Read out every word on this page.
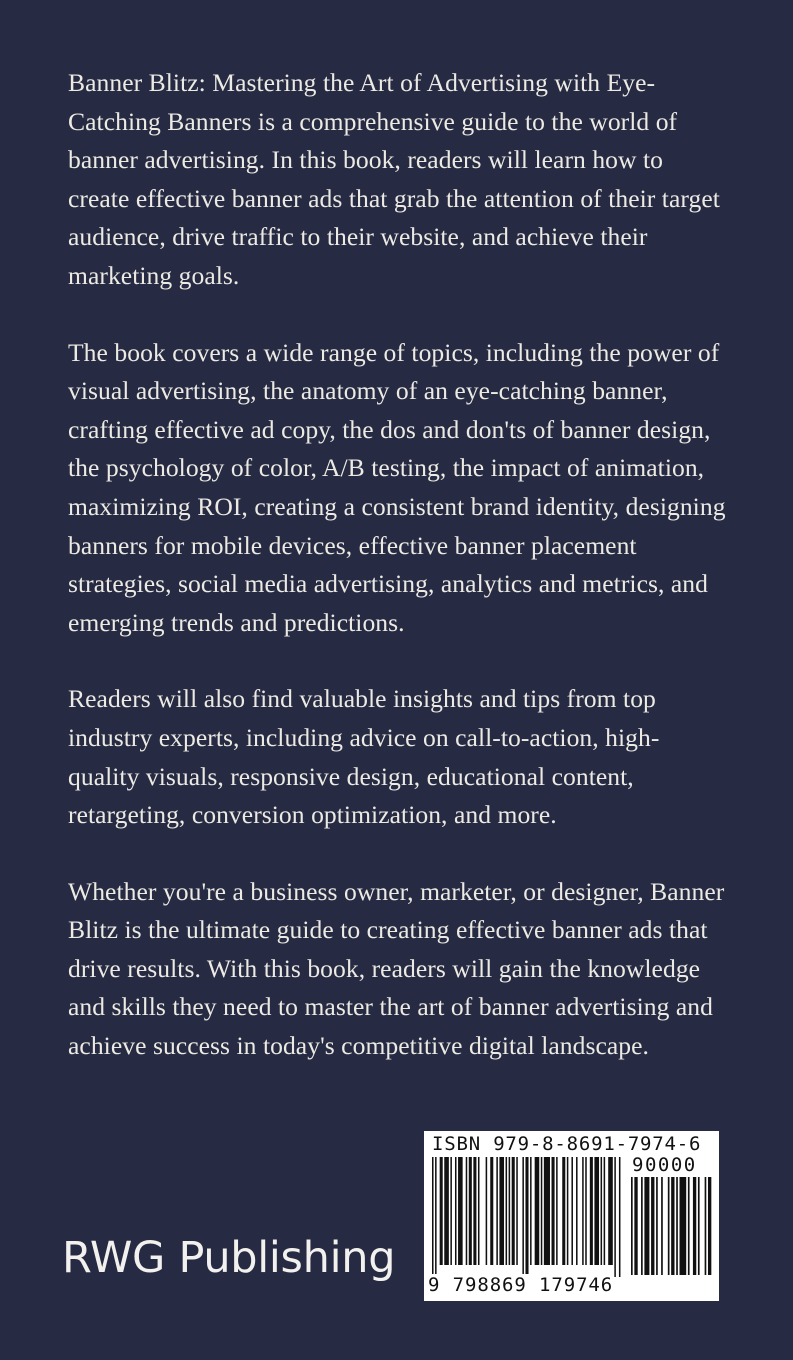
Banner Blitz: Mastering the Art of Advertising with Eye-Catching Banners is a comprehensive guide to the world of banner advertising. In this book, readers will learn how to create effective banner ads that grab the attention of their target audience, drive traffic to their website, and achieve their marketing goals.

The book covers a wide range of topics, including the power of visual advertising, the anatomy of an eye-catching banner, crafting effective ad copy, the dos and don'ts of banner design, the psychology of color, A/B testing, the impact of animation, maximizing ROI, creating a consistent brand identity, designing banners for mobile devices, effective banner placement strategies, social media advertising, analytics and metrics, and emerging trends and predictions.

Readers will also find valuable insights and tips from top industry experts, including advice on call-to-action, high-quality visuals, responsive design, educational content, retargeting, conversion optimization, and more.

Whether you're a business owner, marketer, or designer, Banner Blitz is the ultimate guide to creating effective banner ads that drive results. With this book, readers will gain the knowledge and skills they need to master the art of banner advertising and achieve success in today's competitive digital landscape.

RWG Publishing
ISBN 979-8-8691-7974-6
90000
9 798869 179746
